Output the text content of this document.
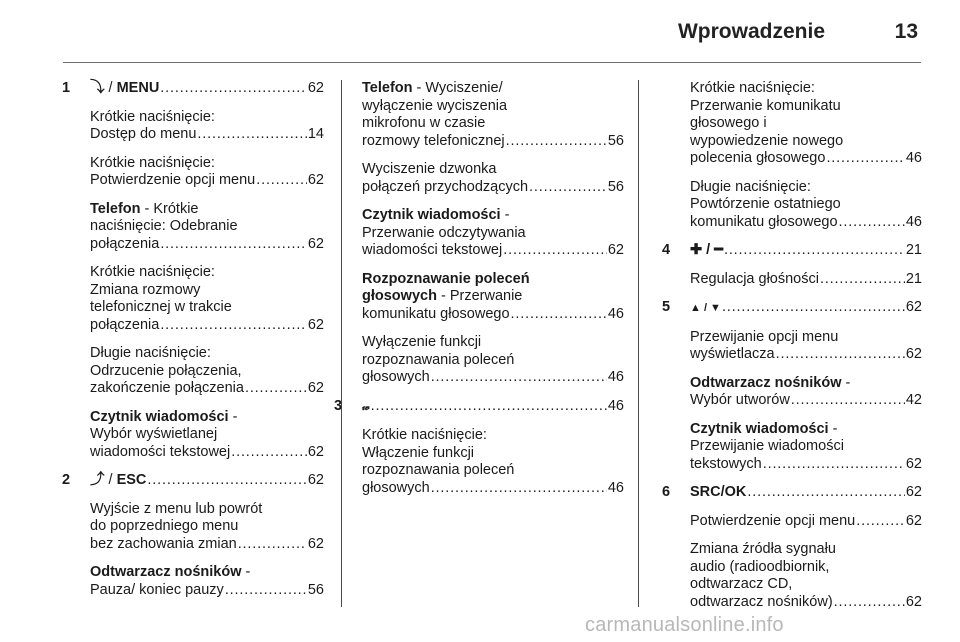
Wprowadzenie	13
1 ⤵ / MENU . . .	62
Krótkie naciśnięcie:
Dostęp do menu . . .	14
Krótkie naciśnięcie:
Potwierdzenie opcji menu . . .	62
Telefon - Krótkie
naciśnięcie: Odebranie
połączenia . . .	62
Krótkie naciśnięcie:
Zmiana rozmowy
telefonicznej w trakcie
połączenia . . .	62
Długie naciśnięcie:
Odrzucenie połączenia,
zakończenie połączenia . . .	62
Czytnik wiadomości -
Wybór wyświetlanej
wiadomości tekstowej . . .	62
2 ⤴ / ESC . . .	62
Wyjście z menu lub powrót
do poprzedniego menu
bez zachowania zmian . . .	62
Odtwarzacz nośników -
Pauza/ koniec pauzy . . .	56
Telefon - Wyciszenie/
wyłączenie wyciszenia
mikrofonu w czasie
rozmowy telefonicznej . . .	56
Wyciszenie dzwonka
połączeń przychodzących . . .	56
Czytnik wiadomości -
Przerwanie odczytywania
wiadomości tekstowej . . .	62
Rozpoznawanie poleceń
głosowych - Przerwanie
komunikatu głosowego . . .	46
Wyłączenie funkcji
rozpoznawania poleceń
głosowych . . .	46
3 𝓌 . . .	46
Krótkie naciśnięcie:
Włączenie funkcji
rozpoznawania poleceń
głosowych . . .	46
Krótkie naciśnięcie:
Przerwanie komunikatu
głosowego i
wypowiedzenie nowego
polecenia głosowego . . .	46
Długie naciśnięcie:
Powtórzenie ostatniego
komunikatu głosowego . . .	46
4 ✚ / ━ . . .	21
Regulacja głośności . . .	21
5 ▲ / ▼ . . .	62
Przewijanie opcji menu
wyświetlacza . . .	62
Odtwarzacz nośników -
Wybór utworów . . .	42
Czytnik wiadomości -
Przewijanie wiadomości
tekstowych . . .	62
6 SRC/OK . . .	62
Potwierdzenie opcji menu . . .	62
Zmiana źródła sygnału
audio (radioodbiornik,
odtwarzacz CD,
odtwarzacz nośników) . . .	62
carmanualsonline.info
